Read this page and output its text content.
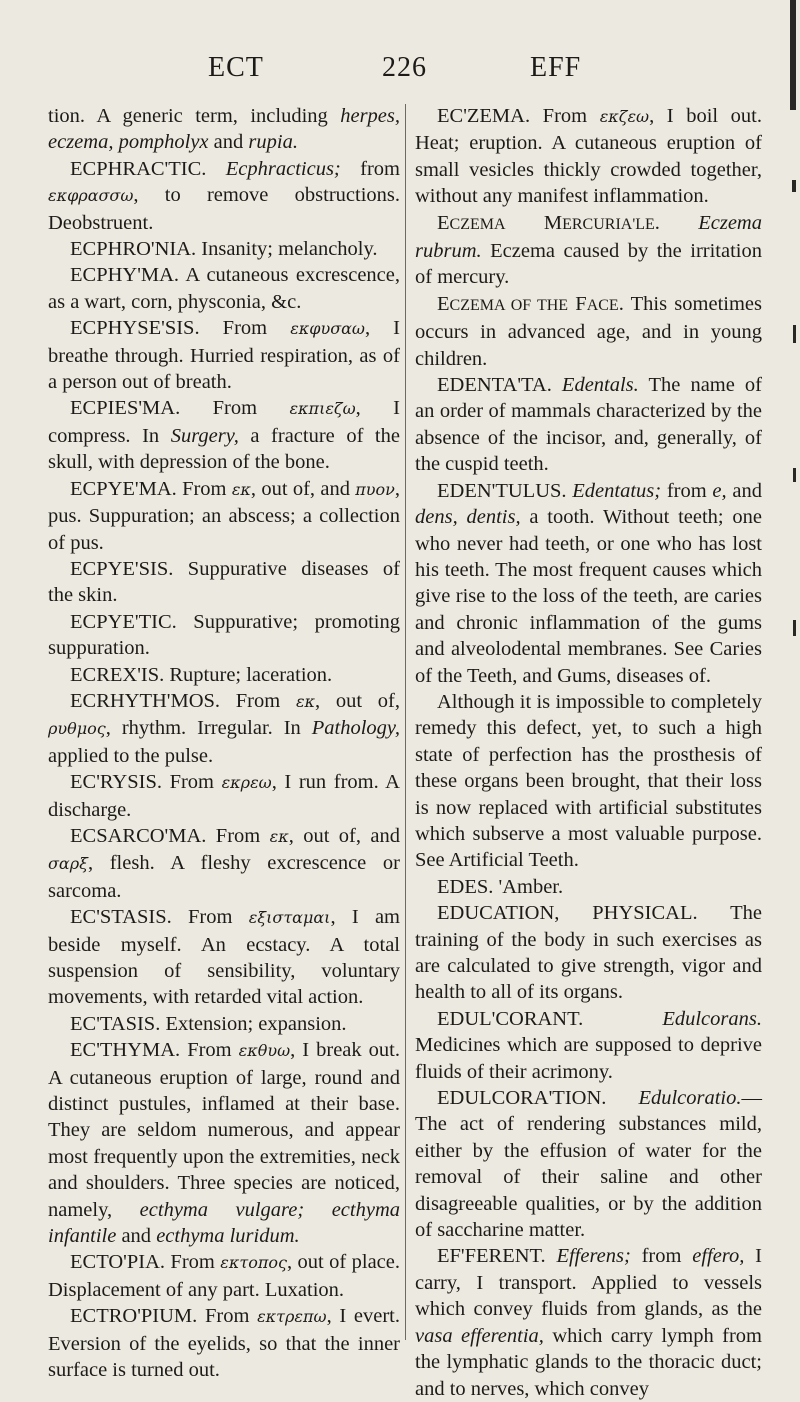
ECT	226	EFF

tion. A generic term, including herpes, eczema, pompholyx and rupia.

ECPHRAC'TIC. Ecphracticus; from εκφρασσω, to remove obstructions. Deobstruent.

ECPHRO'NIA. Insanity; melancholy.

ECPHY'MA. A cutaneous excrescence, as a wart, corn, physconia, &c.

ECPHYSE'SIS. From εκφυσαω, I breathe through. Hurried respiration, as of a person out of breath.

ECPIES'MA. From εκπιεζω, I compress. In Surgery, a fracture of the skull, with depression of the bone.

ECPYE'MA. From εκ, out of, and πυον, pus. Suppuration; an abscess; a collection of pus.

ECPYE'SIS. Suppurative diseases of the skin.

ECPYE'TIC. Suppurative; promoting suppuration.

ECREX'IS. Rupture; laceration.

ECRHYTH'MOS. From εκ, out of, ρυθμος, rhythm. Irregular. In Pathology, applied to the pulse.

EC'RYSIS. From εκρεω, I run from. A discharge.

ECSARCO'MA. From εκ, out of, and σαρξ, flesh. A fleshy excrescence or sarcoma.

EC'STASIS. From εξισταμαι, I am beside myself. An ecstacy. A total suspension of sensibility, voluntary movements, with retarded vital action.

EC'TASIS. Extension; expansion.

EC'THYMA. From εκθυω, I break out. A cutaneous eruption of large, round and distinct pustules, inflamed at their base. They are seldom numerous, and appear most frequently upon the extremities, neck and shoulders. Three species are noticed, namely, ecthyma vulgare; ecthyma infantile and ecthyma luridum.

ECTO'PIA. From εκτοπος, out of place. Displacement of any part. Luxation.

ECTRO'PIUM. From εκτρεπω, I evert. Eversion of the eyelids, so that the inner surface is turned out.

EC'ZEMA. From εκζεω, I boil out. Heat; eruption. A cutaneous eruption of small vesicles thickly crowded together, without any manifest inflammation.

ECZEMA MERCURIA'LE. Eczema rubrum. Eczema caused by the irritation of mercury.

ECZEMA OF THE FACE. This sometimes occurs in advanced age, and in young children.

EDENTA'TA. Edentals. The name of an order of mammals characterized by the absence of the incisor, and, generally, of the cuspid teeth.

EDEN'TULUS. Edentatus; from e, and dens, dentis, a tooth. Without teeth; one who never had teeth, or one who has lost his teeth. The most frequent causes which give rise to the loss of the teeth, are caries and chronic inflammation of the gums and alveolodental membranes. See Caries of the Teeth, and Gums, diseases of.

Although it is impossible to completely remedy this defect, yet, to such a high state of perfection has the prosthesis of these organs been brought, that their loss is now replaced with artificial substitutes which subserve a most valuable purpose. See Artificial Teeth.

EDES. 'Amber.

EDUCATION, PHYSICAL. The training of the body in such exercises as are calculated to give strength, vigor and health to all of its organs.

EDUL'CORANT. Edulcorans. Medicines which are supposed to deprive fluids of their acrimony.

EDULCORA'TION. Edulcoratio.— The act of rendering substances mild, either by the effusion of water for the removal of their saline and other disagreeable qualities, or by the addition of saccharine matter.

EF'FERENT. Efferens; from effero, I carry, I transport. Applied to vessels which convey fluids from glands, as the vasa efferentia, which carry lymph from the lymphatic glands to the thoracic duct; and to nerves, which convey
